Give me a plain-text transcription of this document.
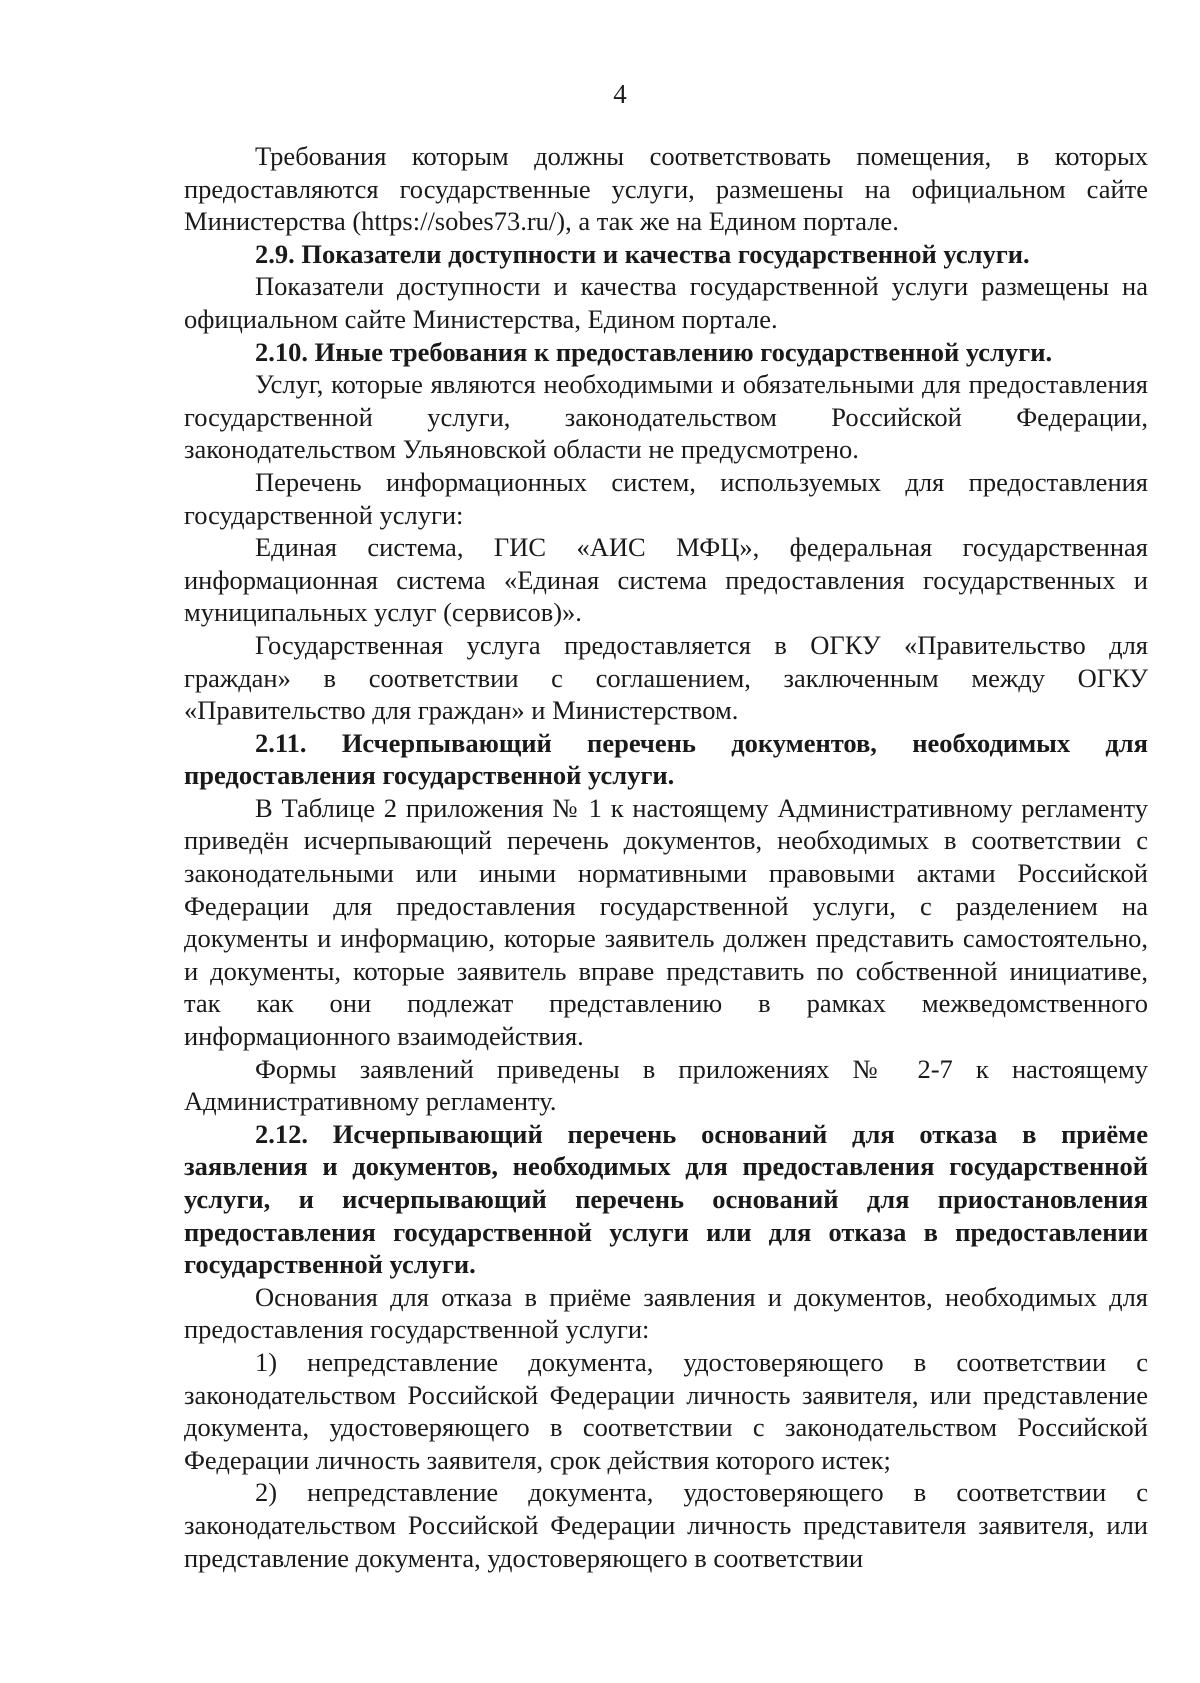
4

Требования которым должны соответствовать помещения, в которых предоставляются государственные услуги, размешены на официальном сайте Министерства (https://sobes73.ru/), а так же на Едином портале.

2.9. Показатели доступности и качества государственной услуги.

Показатели доступности и качества государственной услуги размещены на официальном сайте Министерства, Едином портале.

2.10. Иные требования к предоставлению государственной услуги.

Услуг, которые являются необходимыми и обязательными для предоставления государственной услуги, законодательством Российской Федерации, законодательством Ульяновской области не предусмотрено.

Перечень информационных систем, используемых для предоставления государственной услуги:

Единая система, ГИС «АИС МФЦ», федеральная государственная информационная система «Единая система предоставления государственных и муниципальных услуг (сервисов)».

Государственная услуга предоставляется в ОГКУ «Правительство для граждан» в соответствии с соглашением, заключенным между ОГКУ «Правительство для граждан» и Министерством.

2.11. Исчерпывающий перечень документов, необходимых для предоставления государственной услуги.

В Таблице 2 приложения № 1 к настоящему Административному регламенту приведён исчерпывающий перечень документов, необходимых в соответствии с законодательными или иными нормативными правовыми актами Российской Федерации для предоставления государственной услуги, с разделением на документы и информацию, которые заявитель должен представить самостоятельно, и документы, которые заявитель вправе представить по собственной инициативе, так как они подлежат представлению в рамках межведомственного информационного взаимодействия.

Формы заявлений приведены в приложениях № 2-7 к настоящему Административному регламенту.

2.12. Исчерпывающий перечень оснований для отказа в приёме заявления и документов, необходимых для предоставления государственной услуги, и исчерпывающий перечень оснований для приостановления предоставления государственной услуги или для отказа в предоставлении государственной услуги.

Основания для отказа в приёме заявления и документов, необходимых для предоставления государственной услуги:

1) непредставление документа, удостоверяющего в соответствии с законодательством Российской Федерации личность заявителя, или представление документа, удостоверяющего в соответствии с законодательством Российской Федерации личность заявителя, срок действия которого истек;

2) непредставление документа, удостоверяющего в соответствии с законодательством Российской Федерации личность представителя заявителя, или представление документа, удостоверяющего в соответствии
